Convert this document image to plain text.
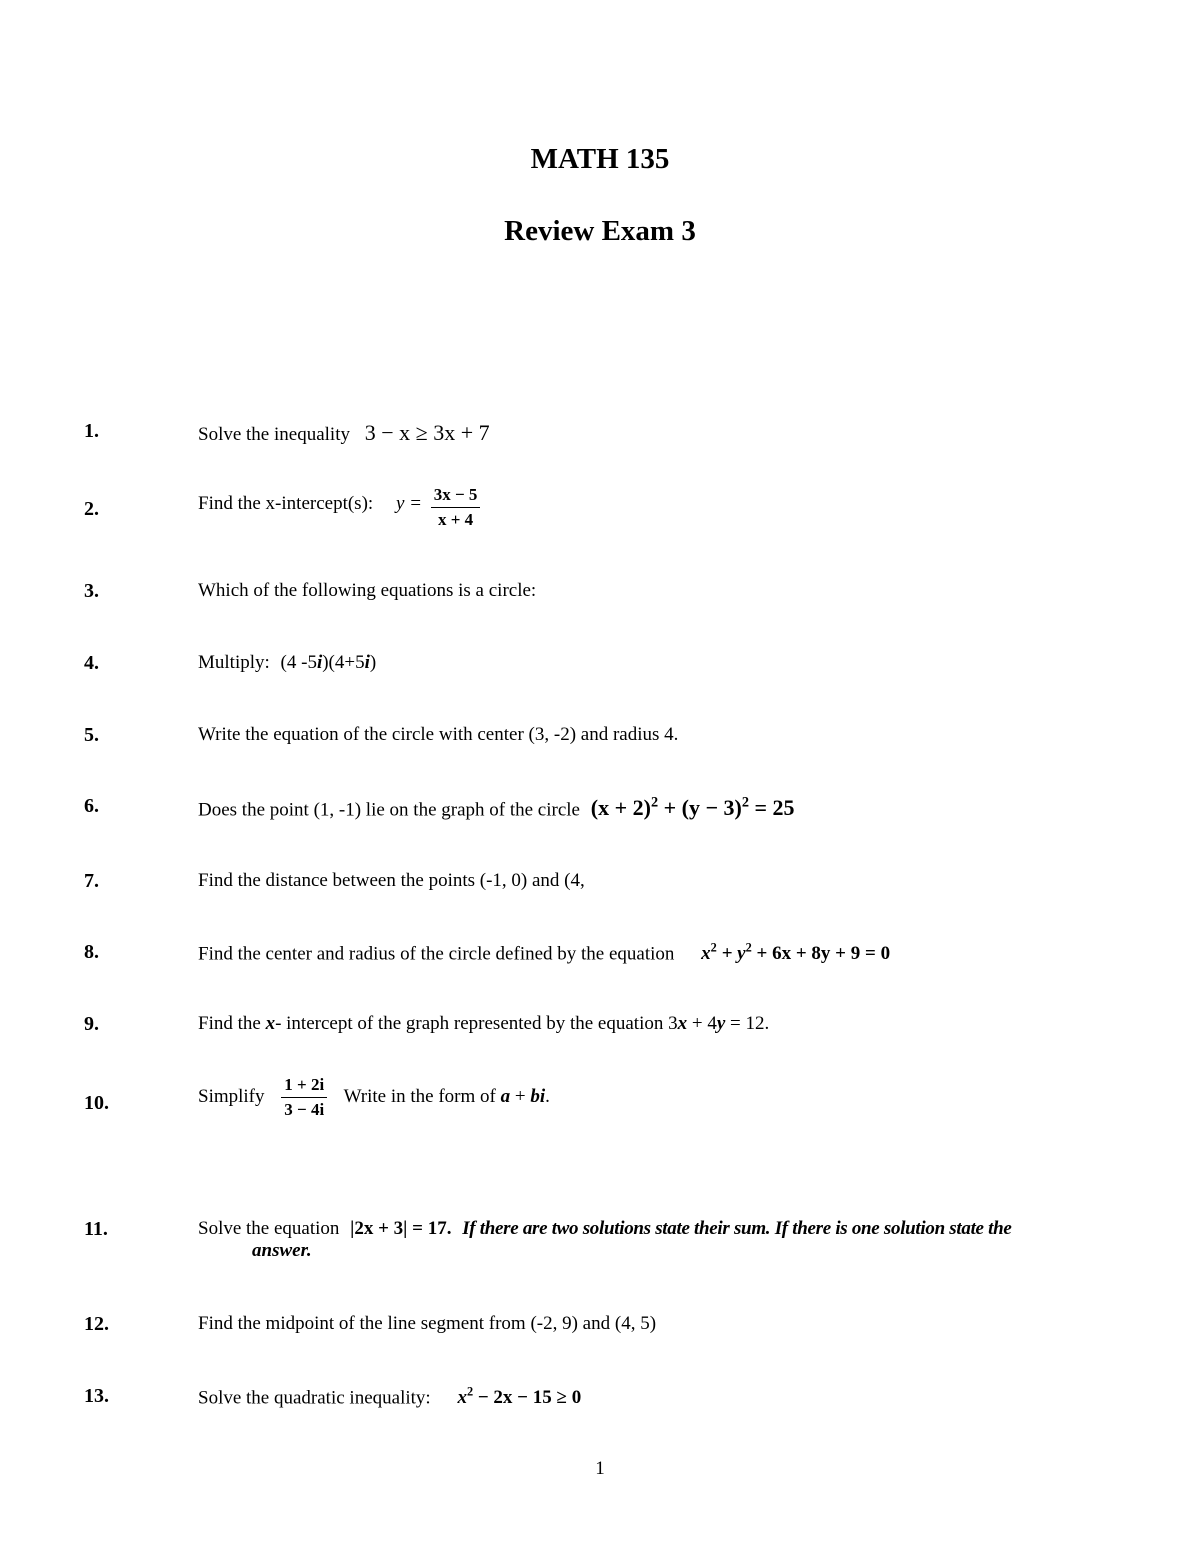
MATH 135
Review Exam 3
1.	Solve the inequality 3 − x ≥ 3x + 7
2.	Find the x-intercept(s): $y = \frac{3x - 5}{x + 4}$
3.	Which of the following equations is a circle:
4.	Multiply: (4 -5i)(4+5i)
5.	Write the equation of the circle with center (3, -2) and radius 4.
6.	Does the point (1, -1) lie on the graph of the circle $(x + 2)^2 + (y - 3)^2 = 25$
7.	Find the distance between the points (-1, 0) and (4,
8.	Find the center and radius of the circle defined by the equation $x^2 + y^2 + 6x + 8y + 9 = 0$
9.	Find the x- intercept of the graph represented by the equation 3x + 4y = 12.
10.	Simplify $\frac{1 + 2i}{3 - 4i}$ Write in the form of a + bi.
11.	Solve the equation |2x + 3| = 17. If there are two solutions state their sum. If there is one solution state the
answer.
12.	Find the midpoint of the line segment from (-2, 9) and (4, 5)
13.	Solve the quadratic inequality: $x^2 - 2x - 15 \ge 0$
1
